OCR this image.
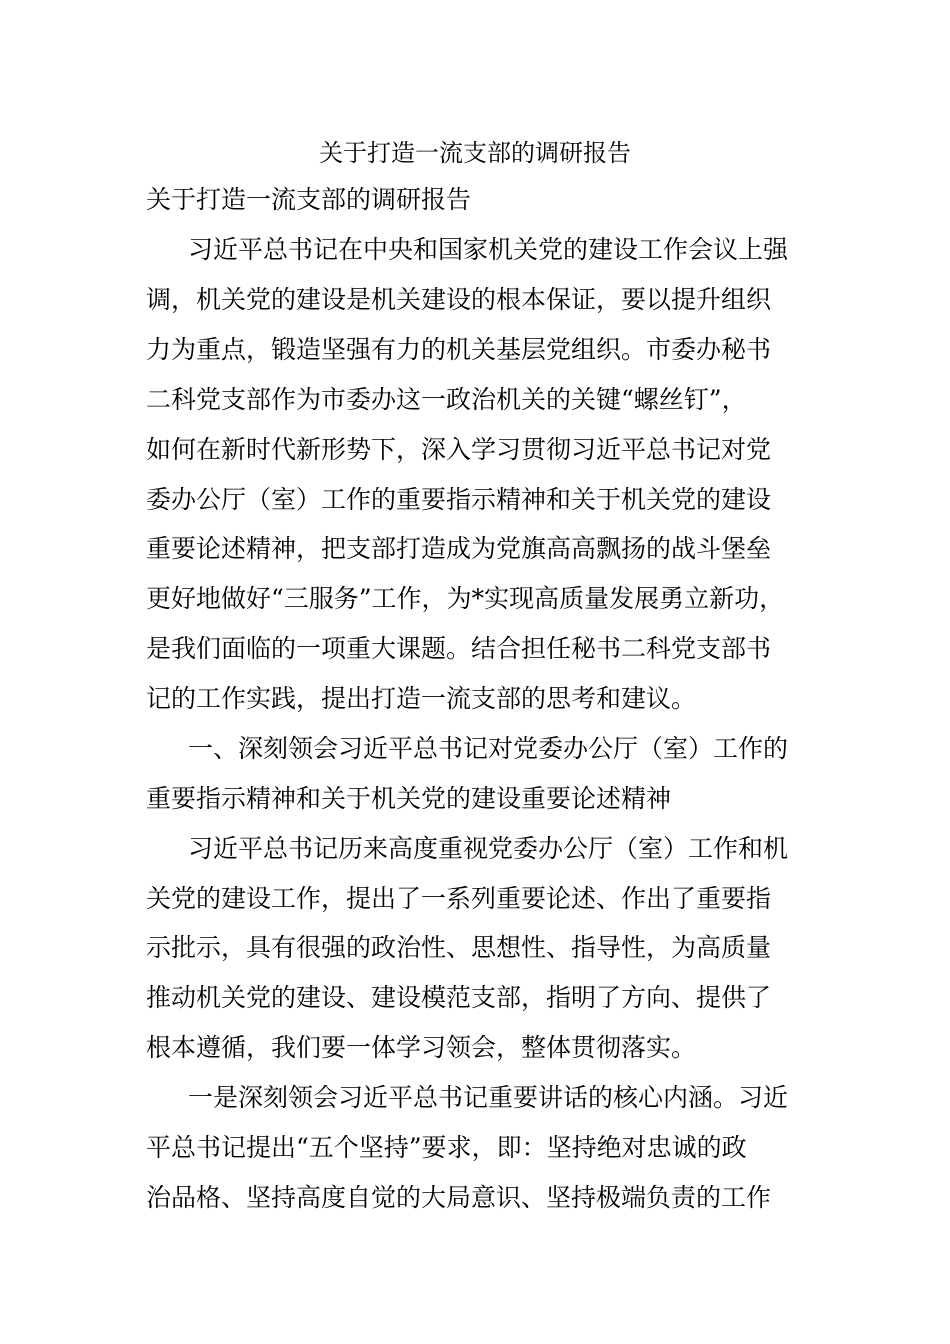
关于打造一流支部的调研报告

关于打造一流支部的调研报告

习近平总书记在中央和国家机关党的建设工作会议上强

调，机关党的建设是机关建设的根本保证，要以提升组织

力为重点，锻造坚强有力的机关基层党组织。市委办秘书

二科党支部作为市委办这一政治机关的关键“螺丝钉”，

如何在新时代新形势下，深入学习贯彻习近平总书记对党

委办公厅（室）工作的重要指示精神和关于机关党的建设

重要论述精神，把支部打造成为党旗高高飘扬的战斗堡垒

更好地做好“三服务”工作，为*实现高质量发展勇立新功，

是我们面临的一项重大课题。结合担任秘书二科党支部书

记的工作实践，提出打造一流支部的思考和建议。

一、深刻领会习近平总书记对党委办公厅（室）工作的

重要指示精神和关于机关党的建设重要论述精神

习近平总书记历来高度重视党委办公厅（室）工作和机

关党的建设工作，提出了一系列重要论述、作出了重要指

示批示，具有很强的政治性、思想性、指导性，为高质量

推动机关党的建设、建设模范支部，指明了方向、提供了

根本遵循，我们要一体学习领会，整体贯彻落实。

一是深刻领会习近平总书记重要讲话的核心内涵。习近

平总书记提出“五个坚持”要求，即：坚持绝对忠诚的政

治品格、坚持高度自觉的大局意识、坚持极端负责的工作
